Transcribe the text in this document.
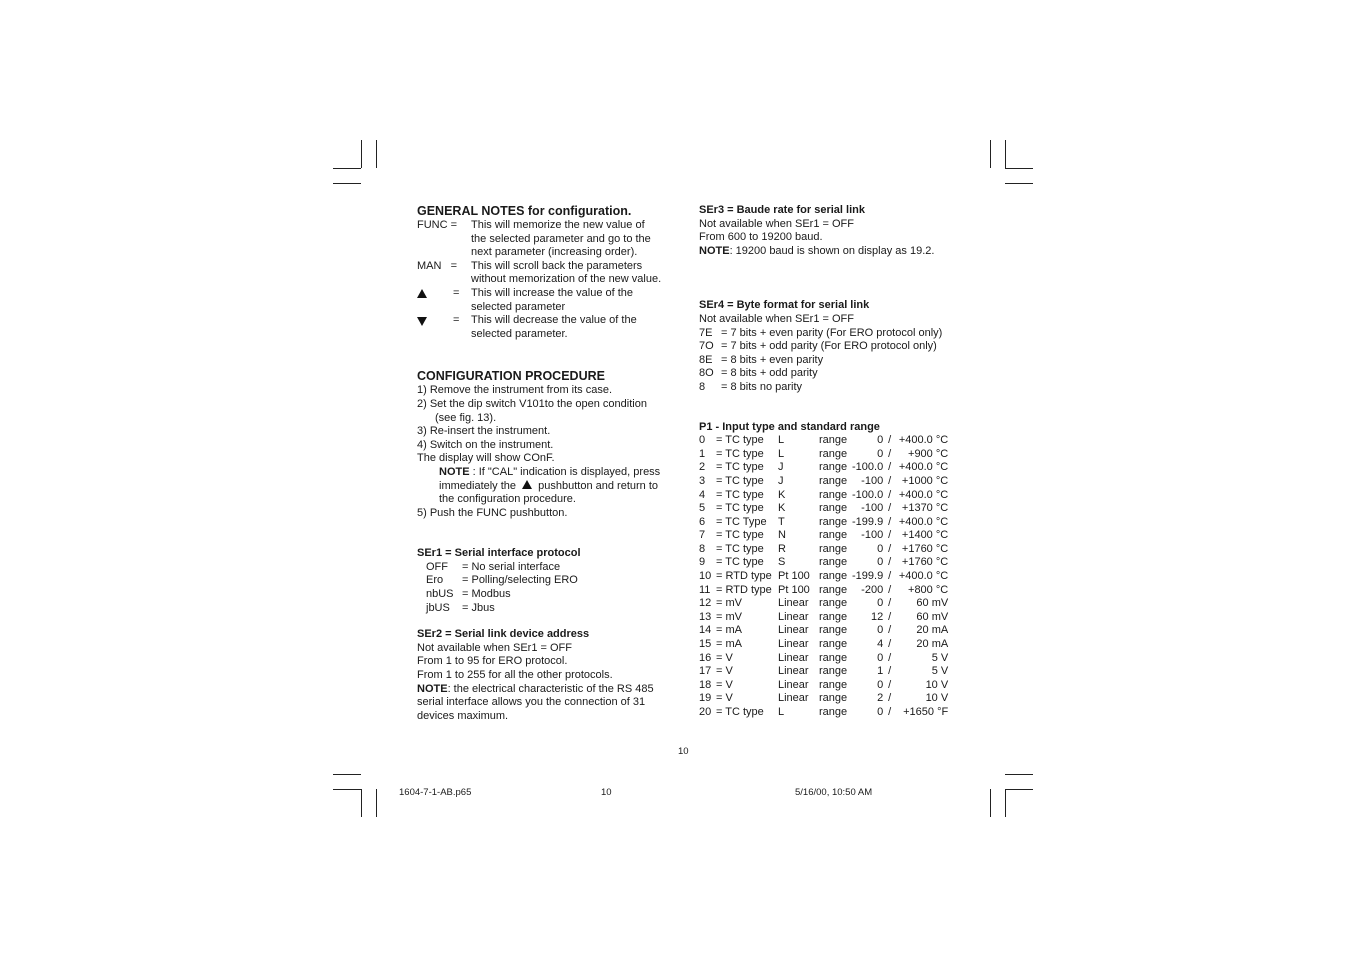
GENERAL NOTES for configuration.
FUNC =	This will memorize the new value of
the selected parameter and go to the
next parameter (increasing order).
MAN   =	This will scroll back the parameters
without memorization of the new value.
=	This will increase the value of the
selected parameter
=	This will decrease the value of the
selected parameter.
CONFIGURATION PROCEDURE
1) Remove the instrument from its case.
2) Set the dip switch V101to the open condition
(see fig. 13).
3) Re-insert the instrument.
4) Switch on the instrument.
The display will show COnF.
NOTE : If "CAL" indication is displayed, press
immediately the  pushbutton and return to
the configuration procedure.
5) Push the FUNC pushbutton.
SEr1 = Serial interface protocol
OFF	= No serial interface
Ero	= Polling/selecting ERO
nbUS = Modbus
jbUS	= Jbus
SEr2 = Serial link device address
Not available when SEr1 = OFF
From 1 to 95 for ERO protocol.
From 1 to 255 for all the other protocols.
NOTE: the electrical characteristic of the RS 485
serial interface allows you the connection of 31
devices maximum.
SEr3 = Baude rate for serial link
Not available when SEr1 = OFF
From 600 to 19200 baud.
NOTE: 19200 baud is shown on display as 19.2.
SEr4 = Byte format for serial link
Not available when SEr1 = OFF
7E = 7 bits + even parity (For ERO protocol only)
7O = 7 bits + odd parity (For ERO protocol only)
8E = 8 bits + even parity
8O = 8 bits + odd parity
8	= 8 bits no parity
P1 - Input type and standard range
0	= TC type	L	range	0	/	+400.0 °C
1	= TC type	L	range	0	/	+900 °C
2	= TC type	J	range	-100.0	/	+400.0 °C
3	= TC type	J	range	-100	/	+1000 °C
4	= TC type	K	range	-100.0	/	+400.0 °C
5	= TC type	K	range	-100	/	+1370 °C
6	= TC Type	T	range	-199.9	/	+400.0 °C
7	= TC type	N	range	-100	/	+1400 °C
8	= TC type	R	range	0	/	+1760 °C
9	= TC type	S	range	0	/	+1760 °C
10	= RTD type	Pt 100	range	-199.9	/	+400.0 °C
11	= RTD type	Pt 100	range	-200	/	+800 °C
12	= mV	Linear	range	0	/	60 mV
13	= mV	Linear	range	12	/	60 mV
14	= mA	Linear	range	0	/	20 mA
15	= mA	Linear	range	4	/	20 mA
16	= V	Linear	range	0	/	5 V
17	= V	Linear	range	1	/	5 V
18	= V	Linear	range	0	/	10 V
19	= V	Linear	range	2	/	10 V
20	= TC type	L	range	0	/	+1650 °F
10
1604-7-1-AB.p65	10	5/16/00, 10:50 AM
